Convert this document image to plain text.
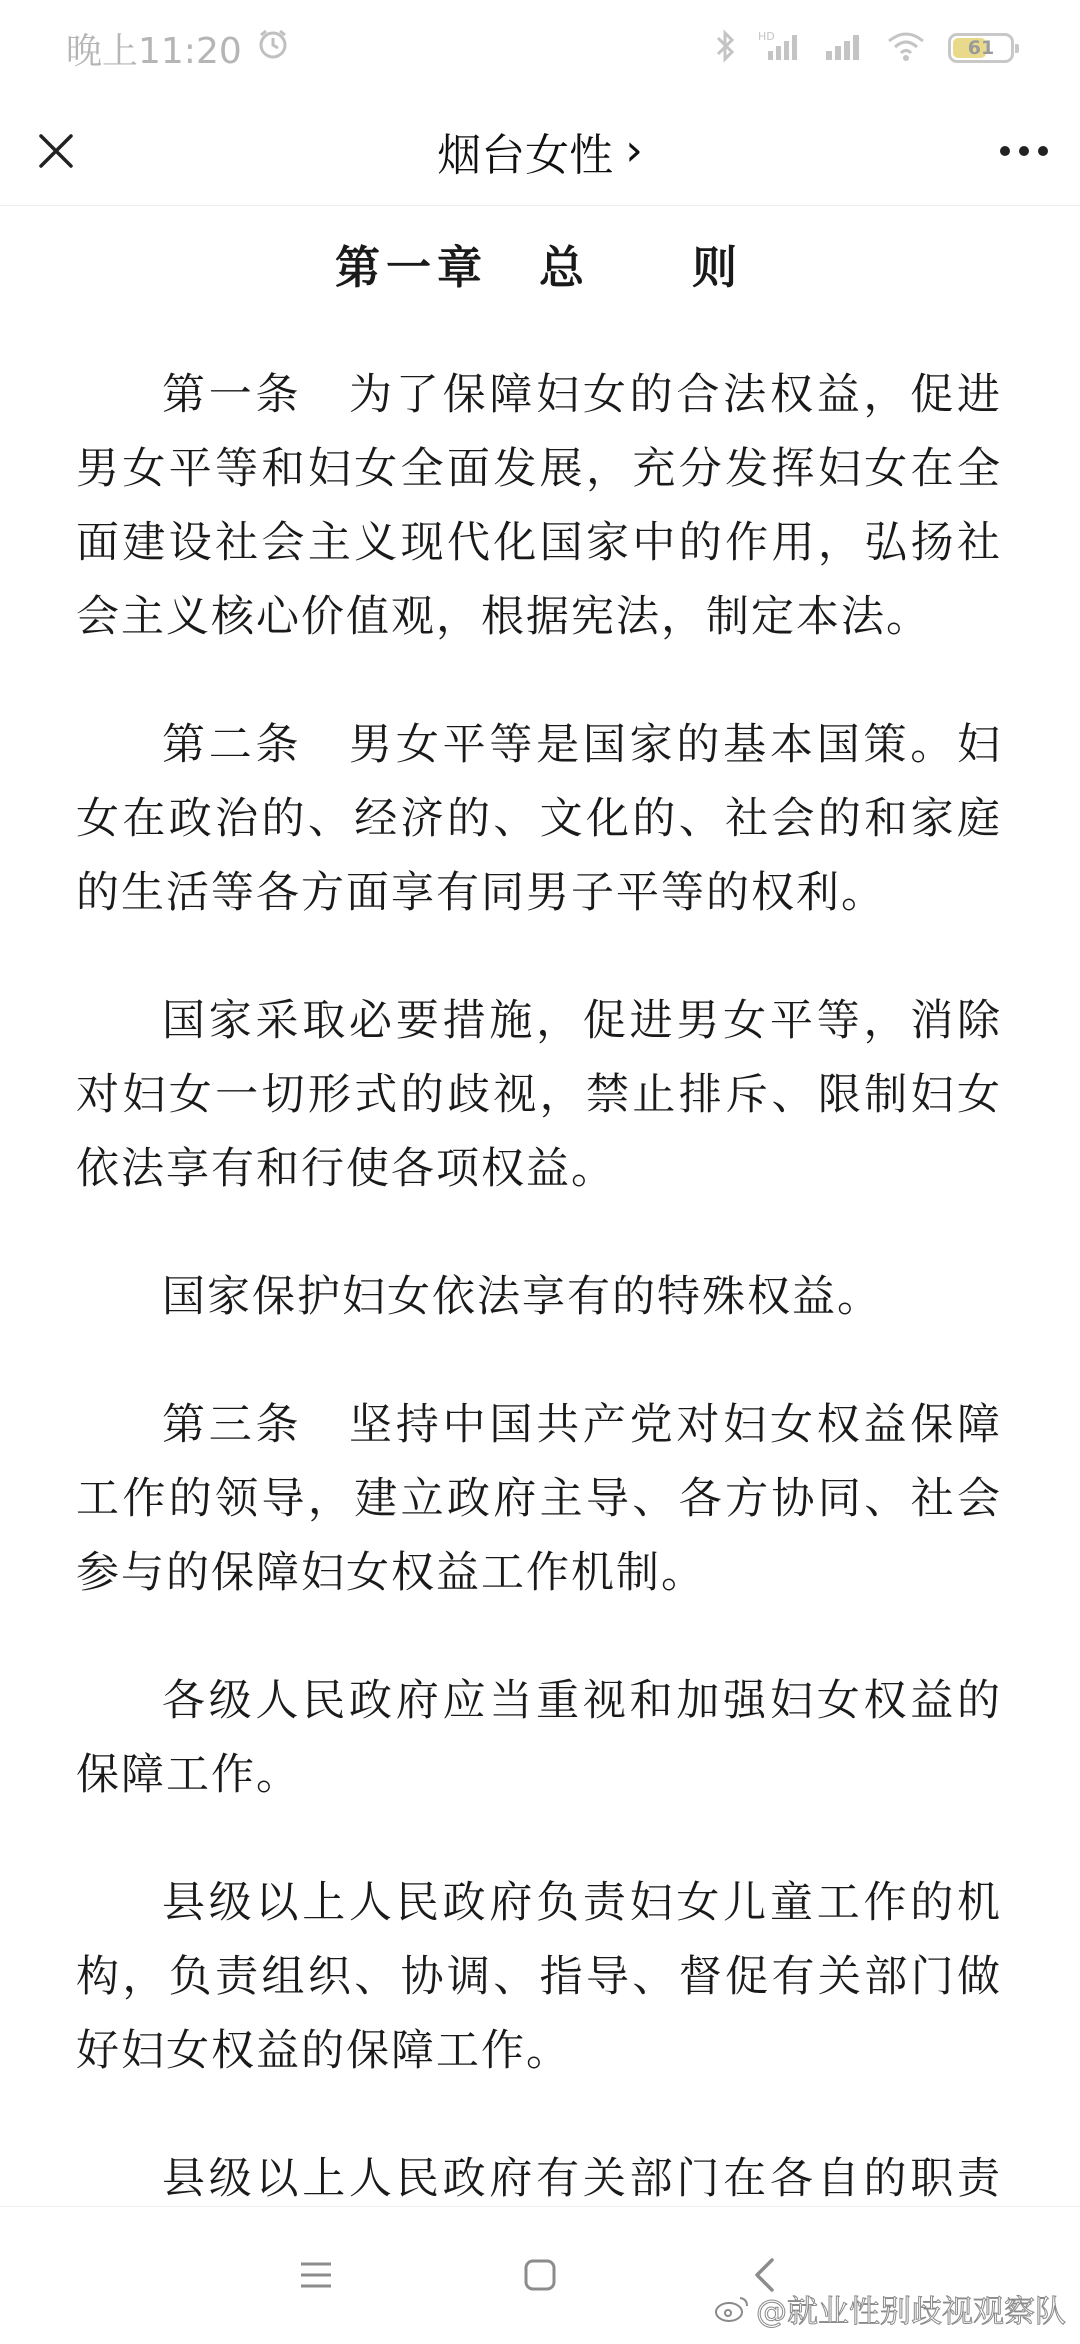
晚上11:20	HD
61
烟台女性 ›
第一章　总　　则

第一条　为了保障妇女的合法权益，促进男女平等和妇女全面发展，充分发挥妇女在全面建设社会主义现代化国家中的作用，弘扬社会主义核心价值观，根据宪法，制定本法。

第二条　男女平等是国家的基本国策。妇女在政治的、经济的、文化的、社会的和家庭的生活等各方面享有同男子平等的权利。

国家采取必要措施，促进男女平等，消除对妇女一切形式的歧视，禁止排斥、限制妇女依法享有和行使各项权益。

国家保护妇女依法享有的特殊权益。

第三条　坚持中国共产党对妇女权益保障工作的领导，建立政府主导、各方协同、社会参与的保障妇女权益工作机制。

各级人民政府应当重视和加强妇女权益的保障工作。

县级以上人民政府负责妇女儿童工作的机构，负责组织、协调、指导、督促有关部门做好妇女权益的保障工作。

县级以上人民政府有关部门在各自的职责

@就业性别歧视观察队
